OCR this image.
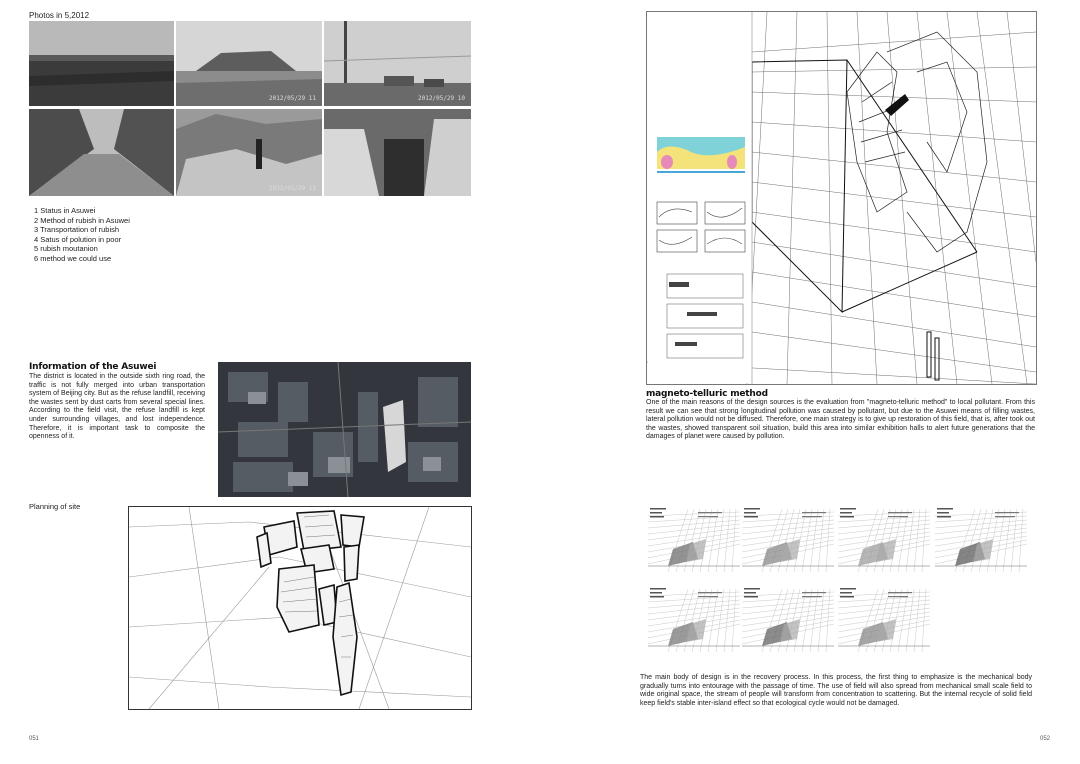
Photos in 5,2012
2012/05/29 11	2012/05/29 10
2012/05/29 11
1 Status in Asuwei
2 Method of rubish in Asuwei
3 Transportation of rubish
4 Satus of polution in poor
5 rubish moutanion
6 method we could use
Information of the Asuwei
The district is located in the outside sixth ring road, the traffic is not fully merged into urban transportation system of Beijing city. But as the refuse landfill, receiving the wastes sent by dust carts from several special lines. According to the field visit, the refuse landfill is kept under surrounding villages, and lost independence. Therefore, it is important task to composite the openness of it.
Planning of site
051
magneto-telluric method
One of the main reasons of the design sources is the evaluation from "magneto-telluric method" to local pollutant. From this result we can see that strong longitudinal pollution was caused by pollutant, but due to the Asuwei means of filling wastes, lateral pollution would not be diffused. Therefore, one main strategy is to give up restoration of this field, that is, after took out the wastes, showed transparent soil situation, build this area into similar exhibition halls to alert future generations that the damages of planet were caused by pollution.
The main body of design is in the recovery process. In this process, the first thing to emphasize is the mechanical body gradually turns into entourage with the passage of time. The use of field will also spread from mechanical small scale field to wide original space, the stream of people will transform from concentration to scattering. But the internal recycle of solid field keep field's stable inter-island effect so that ecological cycle would not be damaged.
052
